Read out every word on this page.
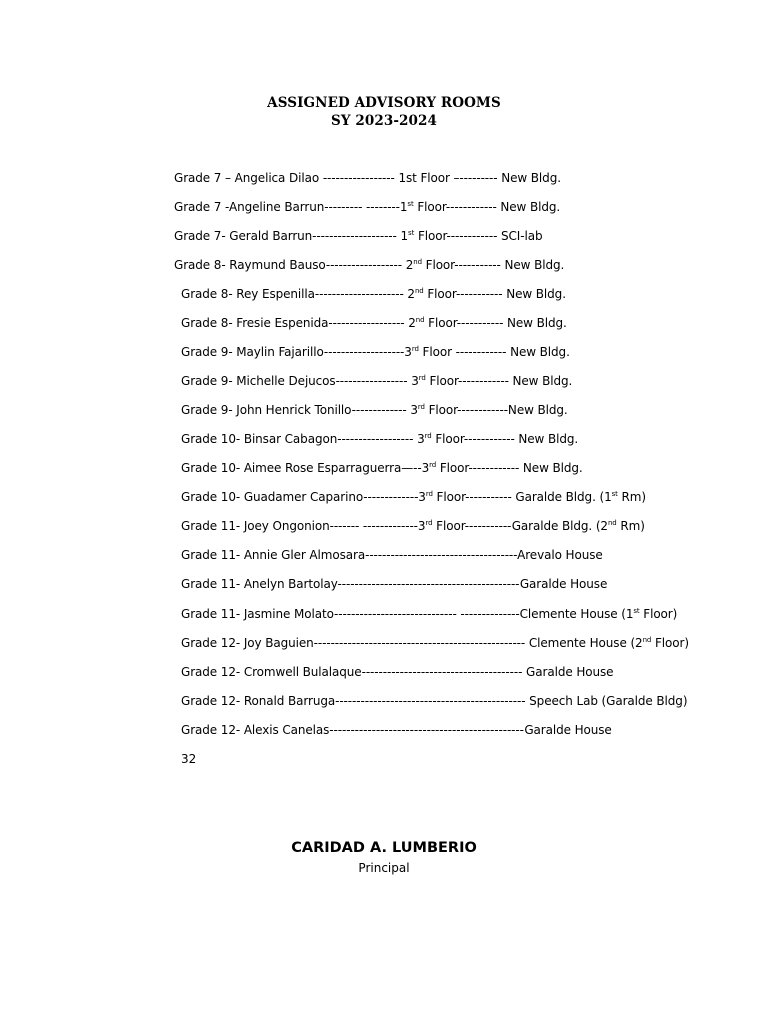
ASSIGNED ADVISORY ROOMS
SY 2023-2024
Grade 7 – Angelica Dilao ----------------- 1st Floor –--------- New Bldg.
Grade 7 -Angeline Barrun--------- --------1st Floor------------ New Bldg.
Grade 7- Gerald Barrun-------------------- 1st Floor------------ SCI-lab
Grade 8- Raymund Bauso------------------ 2nd Floor----------- New Bldg.
Grade 8- Rey Espenilla--------------------- 2nd Floor----------- New Bldg.
Grade 8- Fresie Espenida------------------ 2nd Floor----------- New Bldg.
Grade 9- Maylin Fajarillo-------------------3rd Floor ------------ New Bldg.
Grade 9- Michelle Dejucos----------------- 3rd Floor------------ New Bldg.
Grade 9- John Henrick Tonillo------------- 3rd Floor------------New Bldg.
Grade 10- Binsar Cabagon------------------ 3rd Floor------------ New Bldg.
Grade 10- Aimee Rose Esparraguerra—--3rd Floor------------ New Bldg.
Grade 10- Guadamer Caparino-------------3rd Floor----------- Garalde Bldg. (1st Rm)
Grade 11- Joey Ongonion------- -------------3rd Floor-----------Garalde Bldg. (2nd Rm)
Grade 11- Annie Gler Almosara------------------------------------Arevalo House
Grade 11- Anelyn Bartolay-------------------------------------------Garalde House
Grade 11- Jasmine Molato----------------------------- --------------Clemente House (1st Floor)
Grade 12- Joy Baguien-------------------------------------------------- Clemente House (2nd Floor)
Grade 12- Cromwell Bulalaque-------------------------------------- Garalde House
Grade 12- Ronald Barruga--------------------------------------------- Speech Lab (Garalde Bldg)
Grade 12- Alexis Canelas----------------------------------------------Garalde House
32
CARIDAD A. LUMBERIO
Principal
